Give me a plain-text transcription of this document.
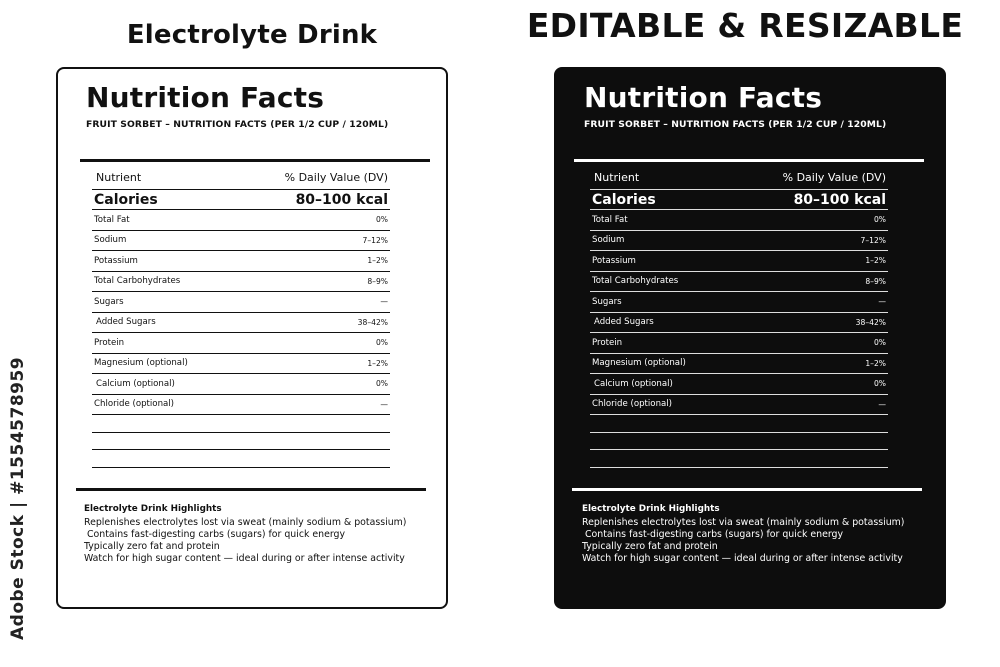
Electrolyte Drink	EDITABLE & RESIZABLE
Adobe Stock | #1554578959
Nutrition Facts
FRUIT SORBET – NUTRITION FACTS (PER 1/2 CUP / 120ML)
Nutrient	% Daily Value (DV)
Calories	80–100 kcal
Total Fat	0%
Sodium	7–12%
Potassium	1–2%
Total Carbohydrates	8–9%
Sugars	—
Added Sugars	38–42%
Protein	0%
Magnesium (optional)	1–2%
Calcium (optional)	0%
Chloride (optional)	—
Electrolyte Drink Highlights
Replenishes electrolytes lost via sweat (mainly sodium & potassium)
Contains fast-digesting carbs (sugars) for quick energy
Typically zero fat and protein
Watch for high sugar content — ideal during or after intense activity
Nutrition Facts
FRUIT SORBET – NUTRITION FACTS (PER 1/2 CUP / 120ML)
Nutrient	% Daily Value (DV)
Calories	80–100 kcal
Total Fat	0%
Sodium	7–12%
Potassium	1–2%
Total Carbohydrates	8–9%
Sugars	—
Added Sugars	38–42%
Protein	0%
Magnesium (optional)	1–2%
Calcium (optional)	0%
Chloride (optional)	—
Electrolyte Drink Highlights
Replenishes electrolytes lost via sweat (mainly sodium & potassium)
Contains fast-digesting carbs (sugars) for quick energy
Typically zero fat and protein
Watch for high sugar content — ideal during or after intense activity
